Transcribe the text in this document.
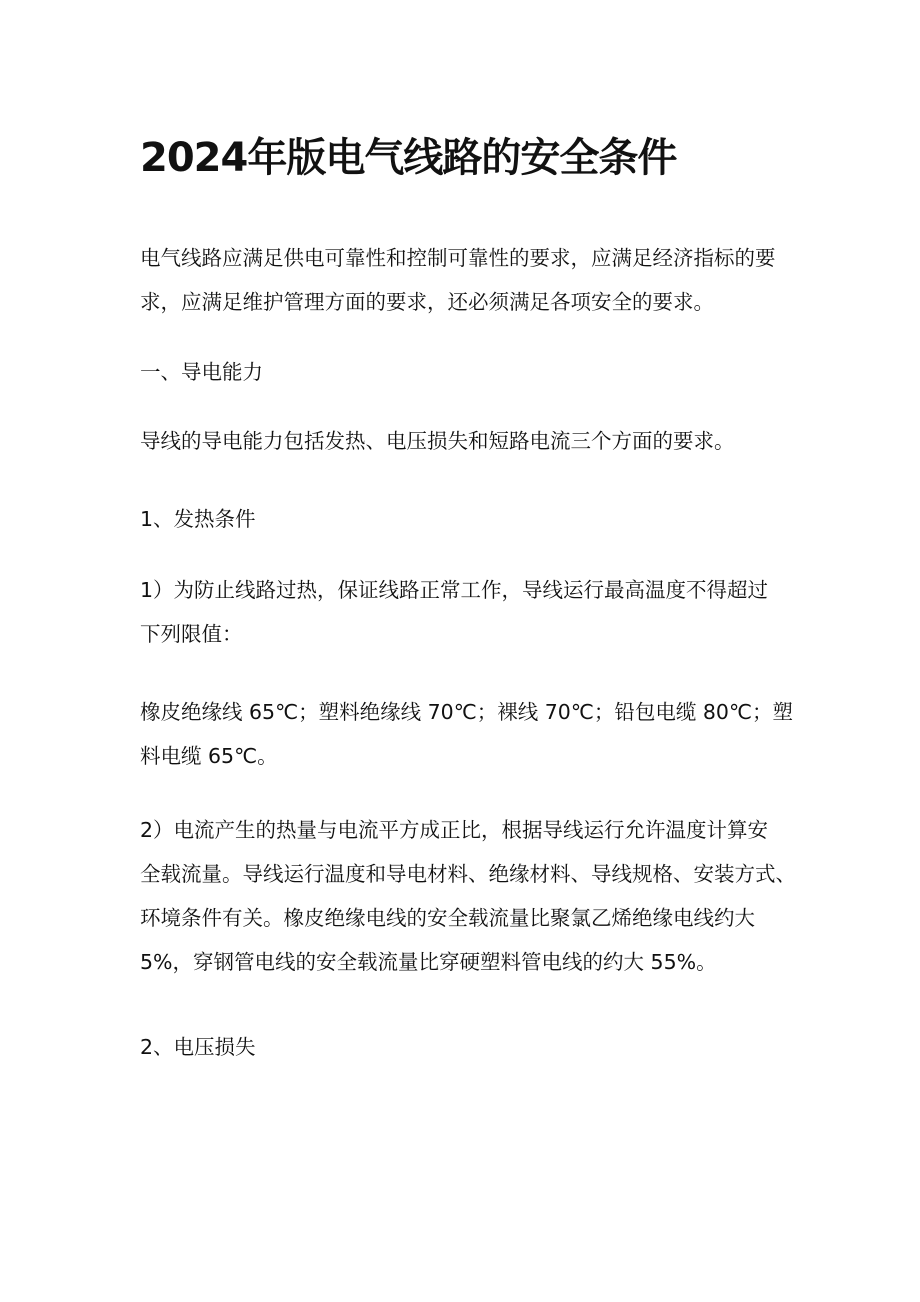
2024年版电气线路的安全条件
电气线路应满足供电可靠性和控制可靠性的要求，应满足经济指标的要
求，应满足维护管理方面的要求，还必须满足各项安全的要求。
一、导电能力
导线的导电能力包括发热、电压损失和短路电流三个方面的要求。
1、发热条件
1）为防止线路过热，保证线路正常工作，导线运行最高温度不得超过
下列限值：
橡皮绝缘线 65℃；塑料绝缘线 70℃；裸线 70℃；铅包电缆 80℃；塑
料电缆 65℃。
2）电流产生的热量与电流平方成正比，根据导线运行允许温度计算安
全载流量。导线运行温度和导电材料、绝缘材料、导线规格、安装方式、
环境条件有关。橡皮绝缘电线的安全载流量比聚氯乙烯绝缘电线约大
5%，穿钢管电线的安全载流量比穿硬塑料管电线的约大 55%。
2、电压损失
